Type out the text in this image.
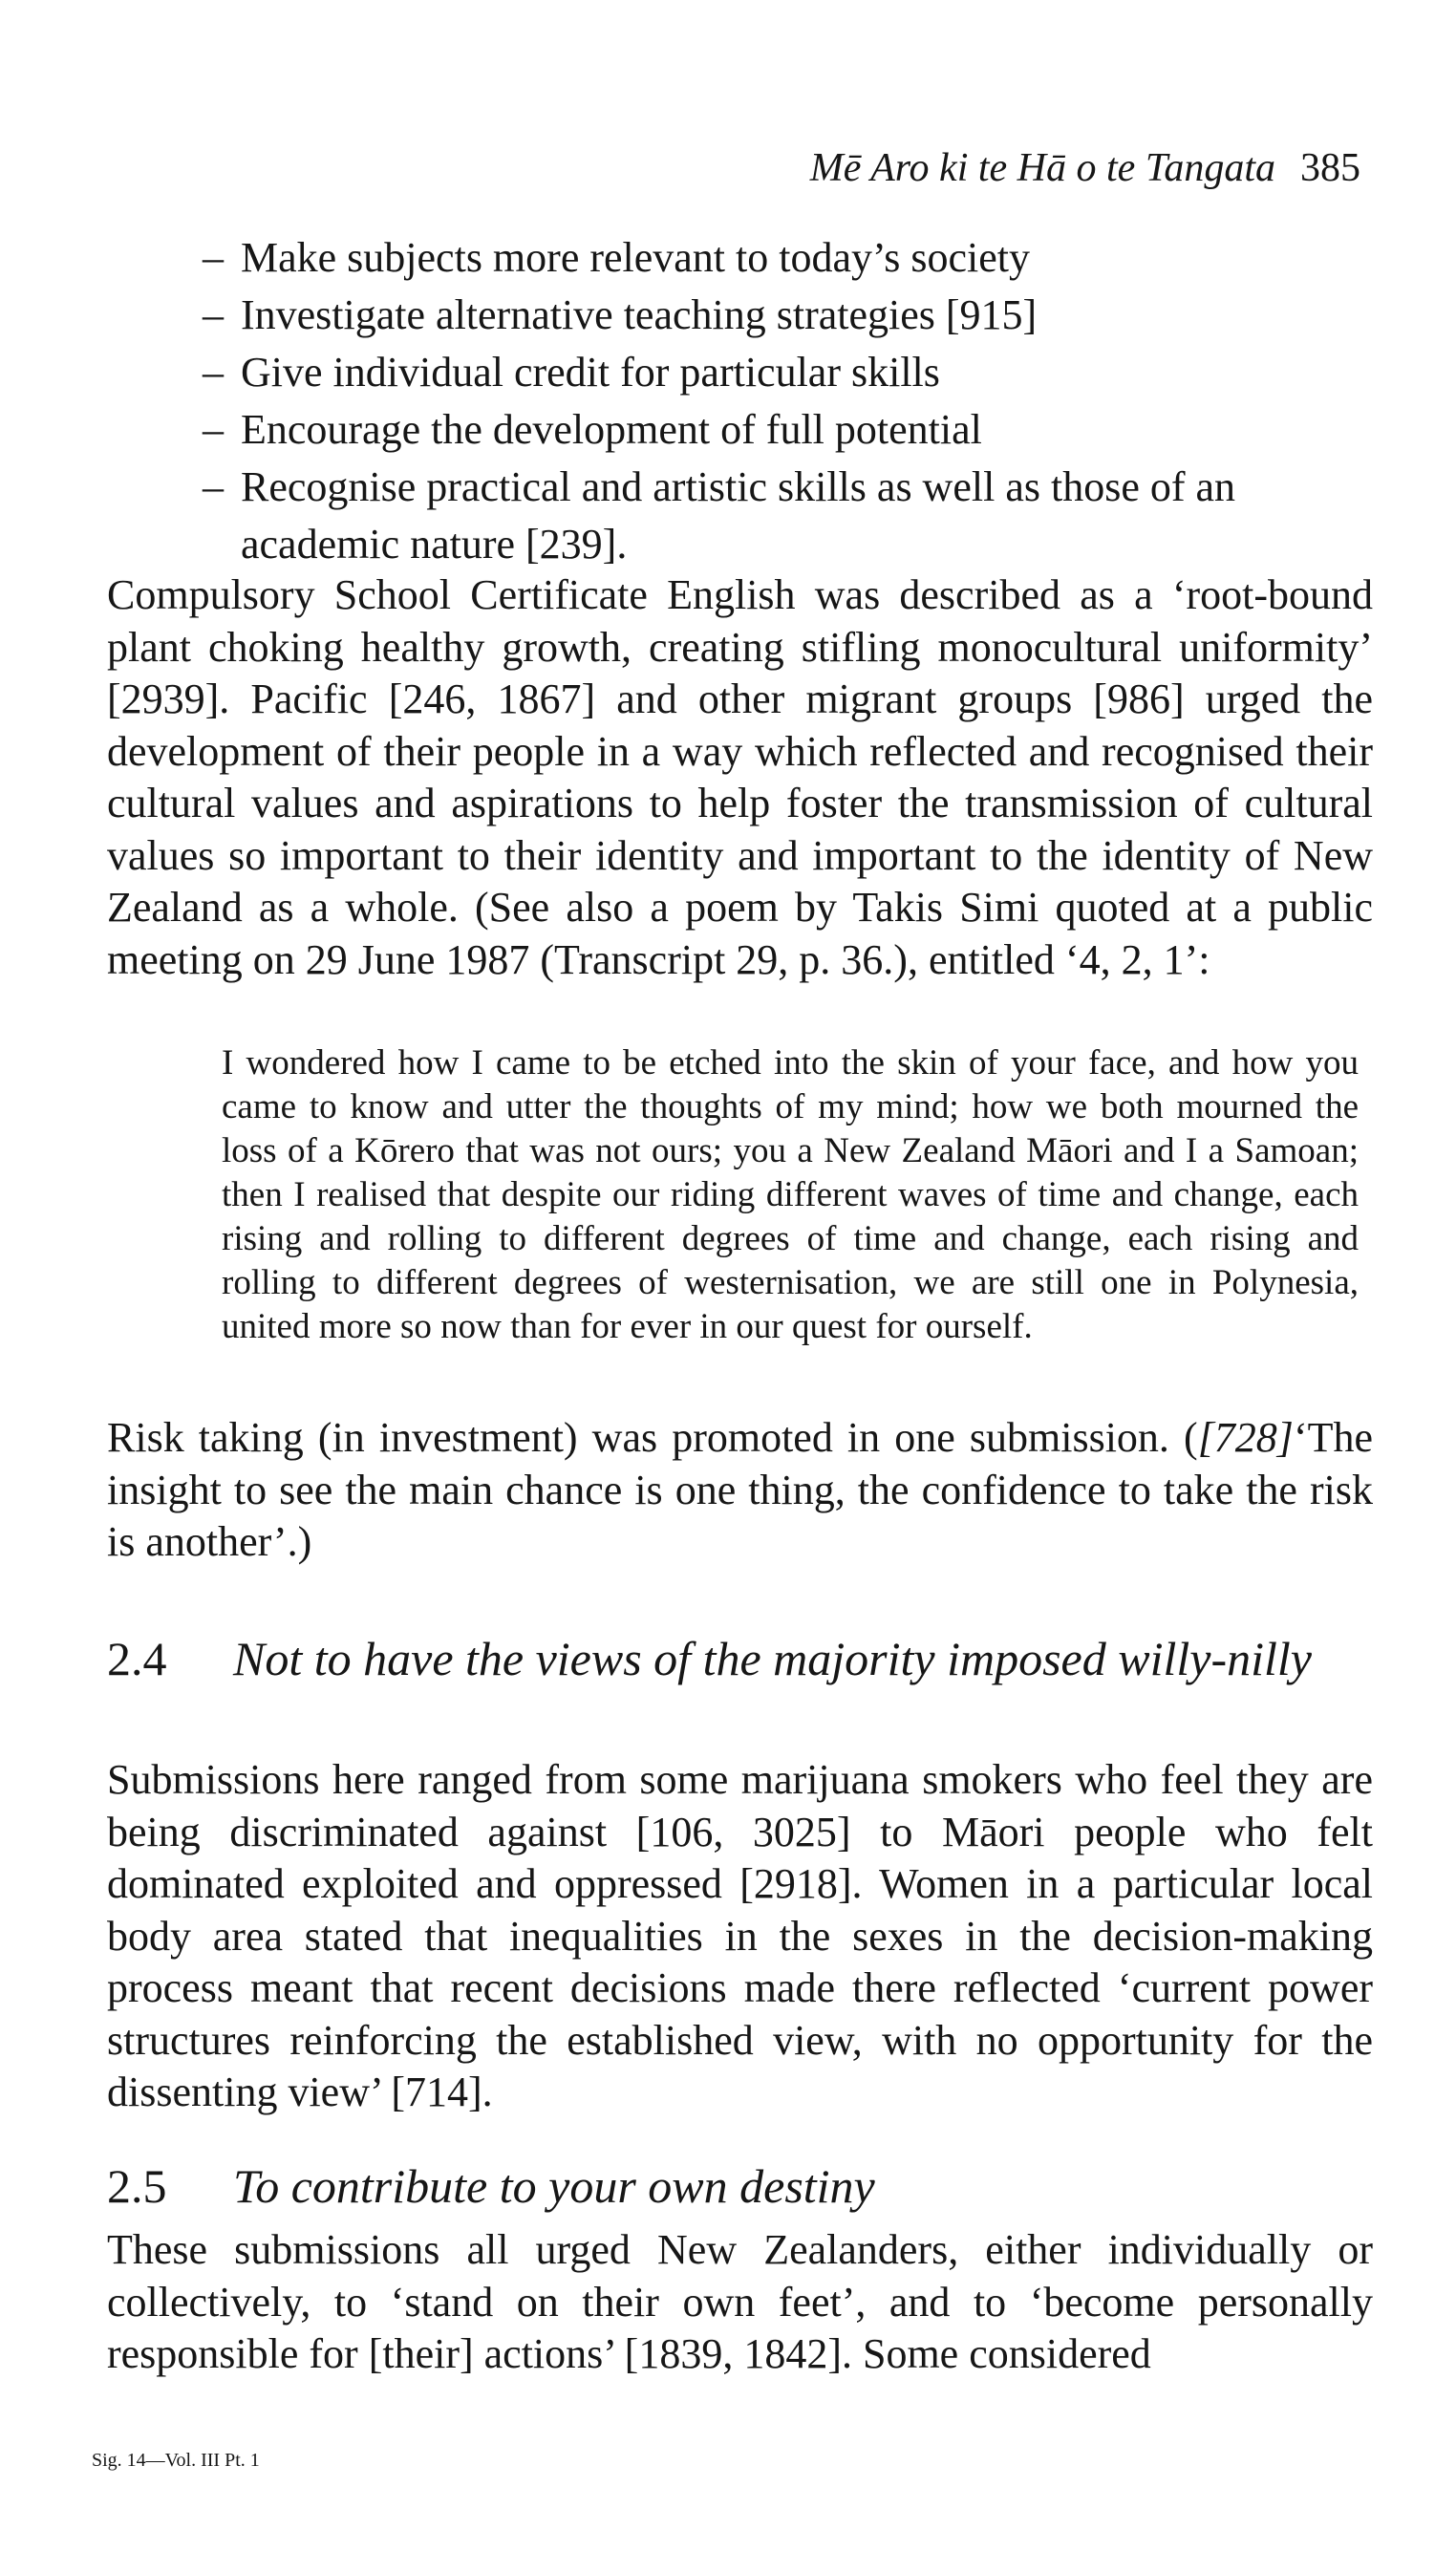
Mē Aro ki te Hā o te Tangata 385
– Make subjects more relevant to today’s society
– Investigate alternative teaching strategies [915]
– Give individual credit for particular skills
– Encourage the development of full potential
– Recognise practical and artistic skills as well as those of an academic nature [239].

Compulsory School Certificate English was described as a ‘root-bound plant choking healthy growth, creating stifling monocultural uniformity’ [2939]. Pacific [246, 1867] and other migrant groups [986] urged the development of their people in a way which reflected and recognised their cultural values and aspirations to help foster the transmission of cultural values so important to their identity and important to the identity of New Zealand as a whole. (See also a poem by Takis Simi quoted at a public meeting on 29 June 1987 (Transcript 29, p. 36.), entitled ‘4, 2, 1’:

I wondered how I came to be etched into the skin of your face, and how you came to know and utter the thoughts of my mind; how we both mourned the loss of a Kōrero that was not ours; you a New Zealand Māori and I a Samoan; then I realised that despite our riding different waves of time and change, each rising and rolling to different degrees of time and change, each rising and rolling to different degrees of westernisation, we are still one in Polynesia, united more so now than for ever in our quest for ourself.

Risk taking (in investment) was promoted in one submission. ([728]‘The insight to see the main chance is one thing, the confidence to take the risk is another’.)

2.4	Not to have the views of the majority imposed willy-nilly

Submissions here ranged from some marijuana smokers who feel they are being discriminated against [106, 3025] to Māori people who felt dominated exploited and oppressed [2918]. Women in a particular local body area stated that inequalities in the sexes in the decision-making process meant that recent decisions made there reflected ‘current power structures reinforcing the established view, with no opportunity for the dissenting view’ [714].

2.5	To contribute to your own destiny

These submissions all urged New Zealanders, either individually or collectively, to ‘stand on their own feet’, and to ‘become personally responsible for [their] actions’ [1839, 1842]. Some considered

Sig. 14—Vol. III Pt. 1
